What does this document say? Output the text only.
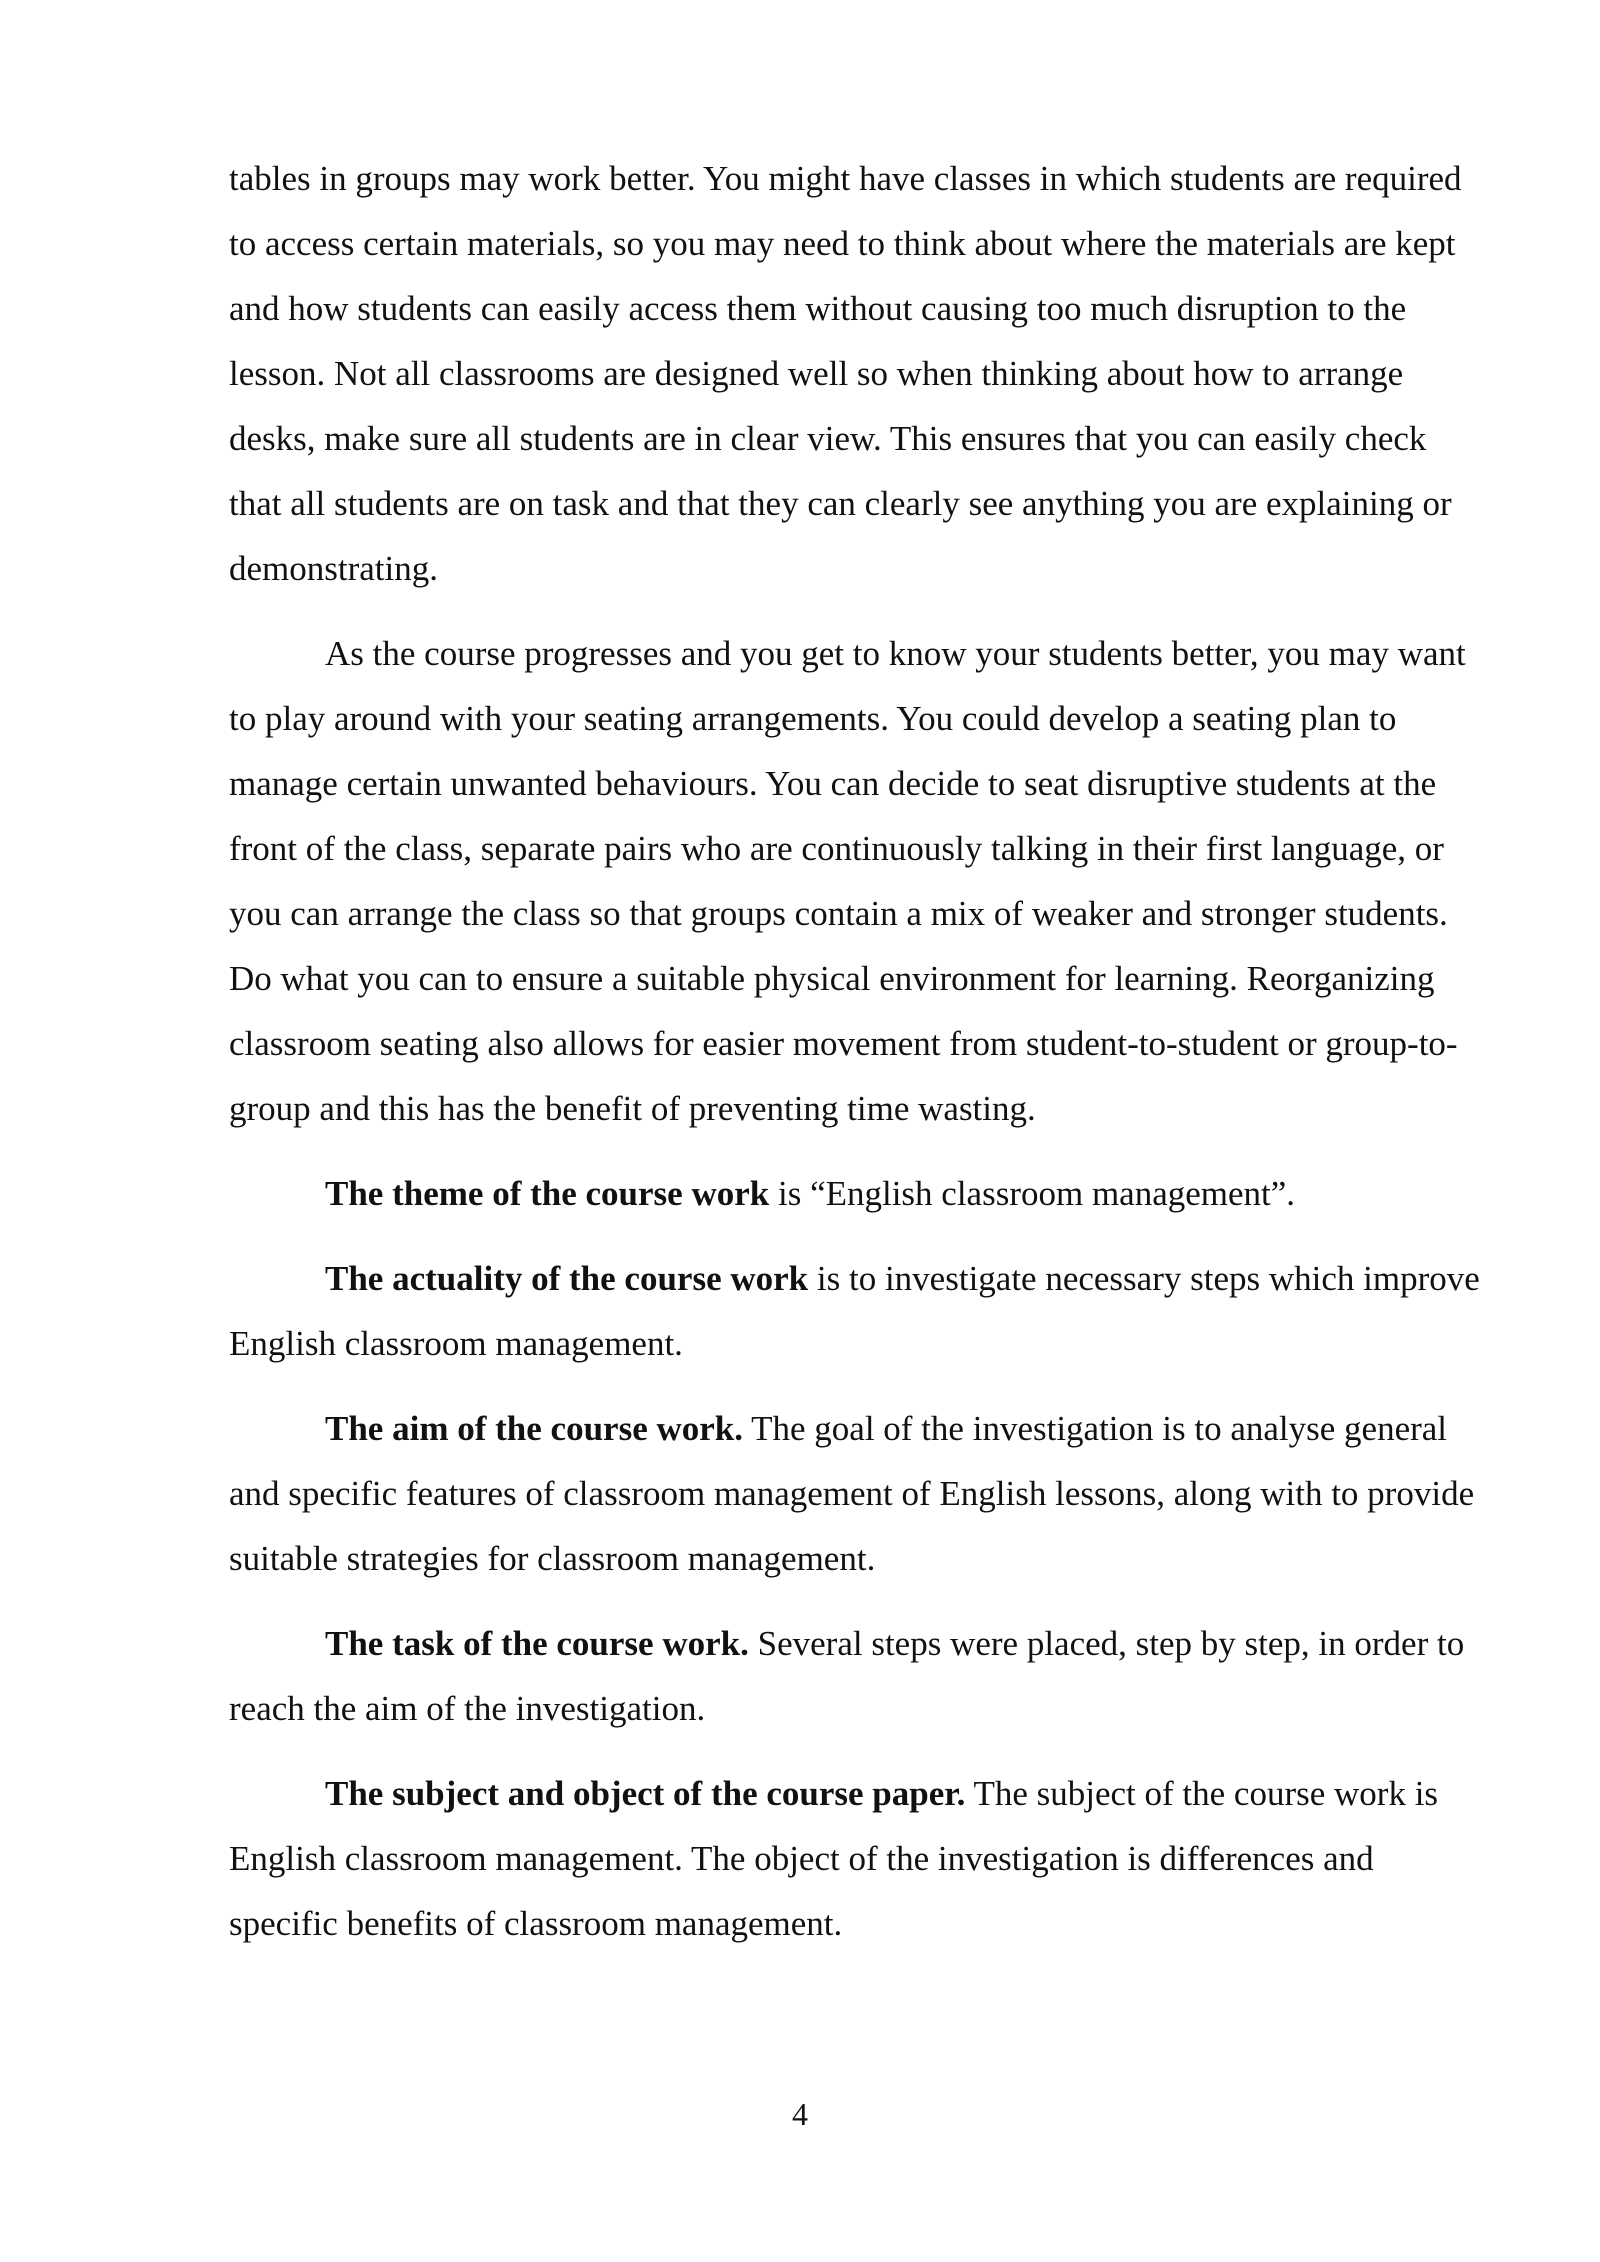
tables in groups may work better. You might have classes in which students are required to access certain materials, so you may need to think about where the materials are kept and how students can easily access them without causing too much disruption to the lesson. Not all classrooms are designed well so when thinking about how to arrange desks, make sure all students are in clear view. This ensures that you can easily check that all students are on task and that they can clearly see anything you are explaining or demonstrating.

As the course progresses and you get to know your students better, you may want to play around with your seating arrangements. You could develop a seating plan to manage certain unwanted behaviours. You can decide to seat disruptive students at the front of the class, separate pairs who are continuously talking in their first language, or you can arrange the class so that groups contain a mix of weaker and stronger students. Do what you can to ensure a suitable physical environment for learning. Reorganizing classroom seating also allows for easier movement from student-to-student or group-to-group and this has the benefit of preventing time wasting.

The theme of the course work is “English classroom management”.

The actuality of the course work is to investigate necessary steps which improve English classroom management.

The aim of the course work. The goal of the investigation is to analyse general and specific features of classroom management of English lessons, along with to provide suitable strategies for classroom management.

The task of the course work. Several steps were placed, step by step, in order to reach the aim of the investigation.

The subject and object of the course paper. The subject of the course work is English classroom management. The object of the investigation is differences and specific benefits of classroom management.

4
